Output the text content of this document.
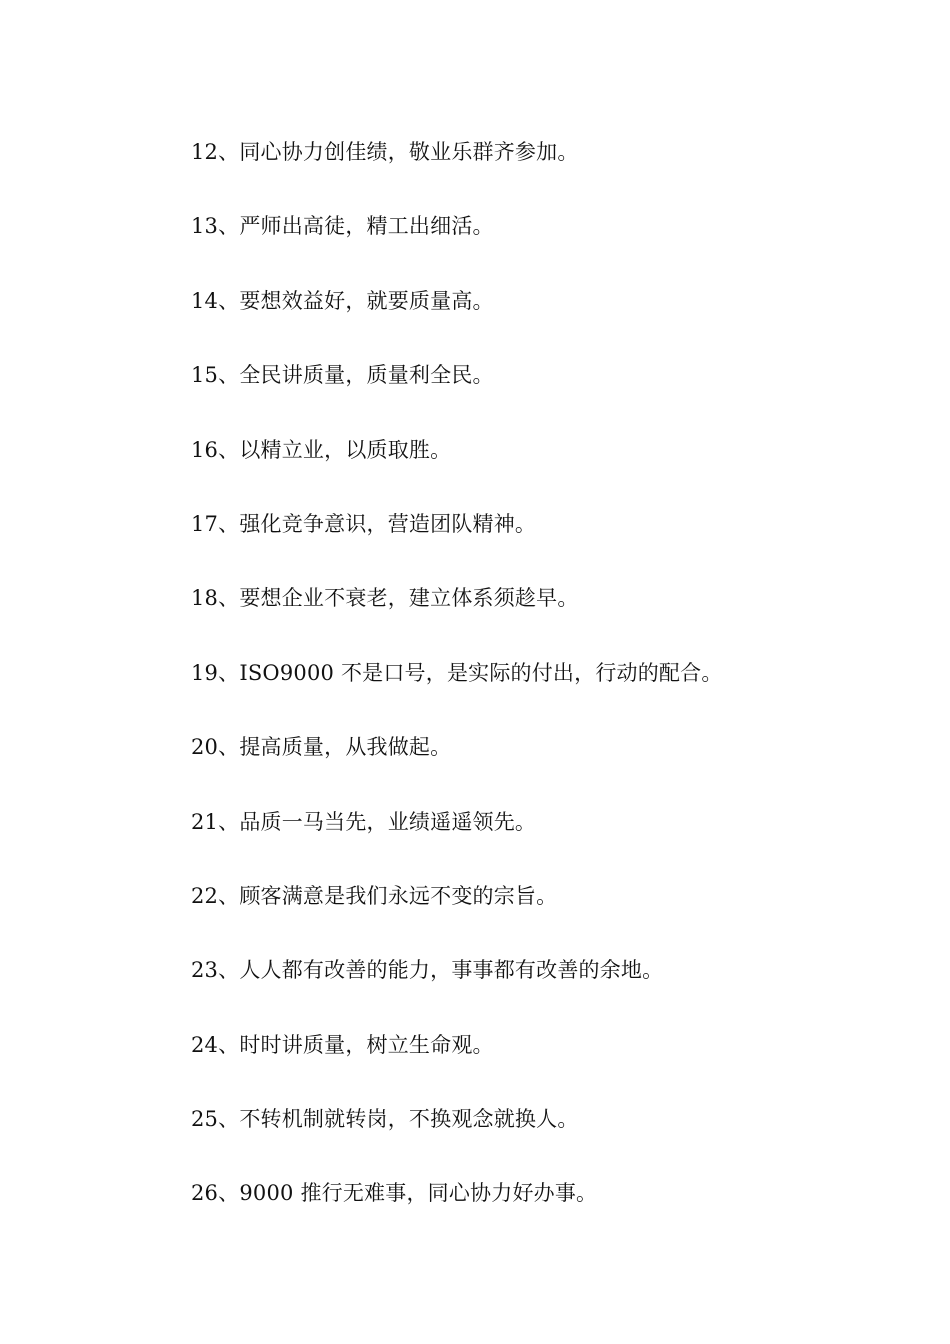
12、同心协力创佳绩，敬业乐群齐参加。
13、严师出高徒，精工出细活。
14、要想效益好，就要质量高。
15、全民讲质量，质量利全民。
16、以精立业，以质取胜。
17、强化竞争意识，营造团队精神。
18、要想企业不衰老，建立体系须趁早。
19、ISO9000 不是口号，是实际的付出，行动的配合。
20、提高质量，从我做起。
21、品质一马当先，业绩遥遥领先。
22、顾客满意是我们永远不变的宗旨。
23、人人都有改善的能力，事事都有改善的余地。
24、时时讲质量，树立生命观。
25、不转机制就转岗，不换观念就换人。
26、9000 推行无难事，同心协力好办事。
